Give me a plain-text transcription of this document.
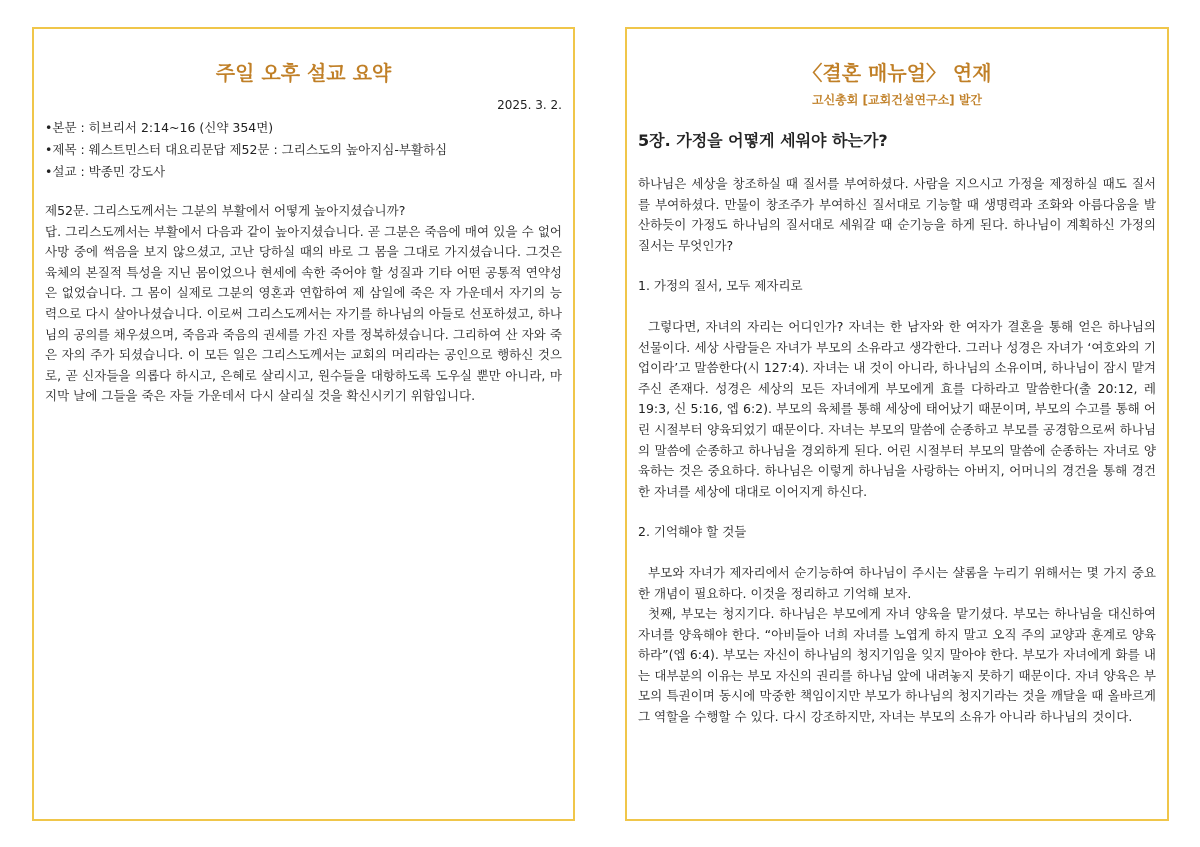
주일 오후 설교 요약
2025. 3. 2.

•본문 : 히브리서 2:14~16 (신약 354면)

•제목 : 웨스트민스터 대요리문답 제52문 : 그리스도의 높아지심-부활하심

•설교 : 박종민 강도사

제52문. 그리스도께서는 그분의 부활에서 어떻게 높아지셨습니까?

답. 그리스도께서는 부활에서 다음과 같이 높아지셨습니다. 곧 그분은 죽음에 매여 있을 수 없어 사망 중에 썩음을 보지 않으셨고, 고난 당하실 때의 바로 그 몸을 그대로 가지셨습니다. 그것은 육체의 본질적 특성을 지닌 몸이었으나 현세에 속한 죽어야 할 성질과 기타 어떤 공통적 연약성은 없었습니다. 그 몸이 실제로 그분의 영혼과 연합하여 제 삼일에 죽은 자 가운데서 자기의 능력으로 다시 살아나셨습니다. 이로써 그리스도께서는 자기를 하나님의 아들로 선포하셨고, 하나님의 공의를 채우셨으며, 죽음과 죽음의 권세를 가진 자를 정복하셨습니다. 그리하여 산 자와 죽은 자의 주가 되셨습니다. 이 모든 일은 그리스도께서는 교회의 머리라는 공인으로 행하신 것으로, 곧 신자들을 의롭다 하시고, 은혜로 살리시고, 원수들을 대항하도록 도우실 뿐만 아니라, 마지막 날에 그들을 죽은 자들 가운데서 다시 살리실 것을 확신시키기 위함입니다.

〈결혼 매뉴얼〉 연재

고신총회 [교회건설연구소] 발간

5장. 가정을 어떻게 세워야 하는가?

하나님은 세상을 창조하실 때 질서를 부여하셨다. 사람을 지으시고 가정을 제정하실 때도 질서를 부여하셨다. 만물이 창조주가 부여하신 질서대로 기능할 때 생명력과 조화와 아름다움을 발산하듯이 가정도 하나님의 질서대로 세워갈 때 순기능을 하게 된다. 하나님이 계획하신 가정의 질서는 무엇인가?

1. 가정의 질서, 모두 제자리로

그렇다면, 자녀의 자리는 어디인가? 자녀는 한 남자와 한 여자가 결혼을 통해 얻은 하나님의 선물이다. 세상 사람들은 자녀가 부모의 소유라고 생각한다. 그러나 성경은 자녀가 ‘여호와의 기업이라’고 말씀한다(시 127:4). 자녀는 내 것이 아니라, 하나님의 소유이며, 하나님이 잠시 맡겨주신 존재다. 성경은 세상의 모든 자녀에게 부모에게 효를 다하라고 말씀한다(출 20:12, 레 19:3, 신 5:16, 엡 6:2). 부모의 육체를 통해 세상에 태어났기 때문이며, 부모의 수고를 통해 어린 시절부터 양육되었기 때문이다. 자녀는 부모의 말씀에 순종하고 부모를 공경함으로써 하나님의 말씀에 순종하고 하나님을 경외하게 된다. 어린 시절부터 부모의 말씀에 순종하는 자녀로 양육하는 것은 중요하다. 하나님은 이렇게 하나님을 사랑하는 아버지, 어머니의 경건을 통해 경건한 자녀를 세상에 대대로 이어지게 하신다.

2. 기억해야 할 것들

부모와 자녀가 제자리에서 순기능하여 하나님이 주시는 샬롬을 누리기 위해서는 몇 가지 중요한 개념이 필요하다. 이것을 정리하고 기억해 보자.

첫째, 부모는 청지기다. 하나님은 부모에게 자녀 양육을 맡기셨다. 부모는 하나님을 대신하여 자녀를 양육해야 한다. “아비들아 너희 자녀를 노엽게 하지 말고 오직 주의 교양과 훈계로 양육하라”(엡 6:4). 부모는 자신이 하나님의 청지기임을 잊지 말아야 한다. 부모가 자녀에게 화를 내는 대부분의 이유는 부모 자신의 권리를 하나님 앞에 내려놓지 못하기 때문이다. 자녀 양육은 부모의 특권이며 동시에 막중한 책임이지만 부모가 하나님의 청지기라는 것을 깨달을 때 올바르게 그 역할을 수행할 수 있다. 다시 강조하지만, 자녀는 부모의 소유가 아니라 하나님의 것이다.
